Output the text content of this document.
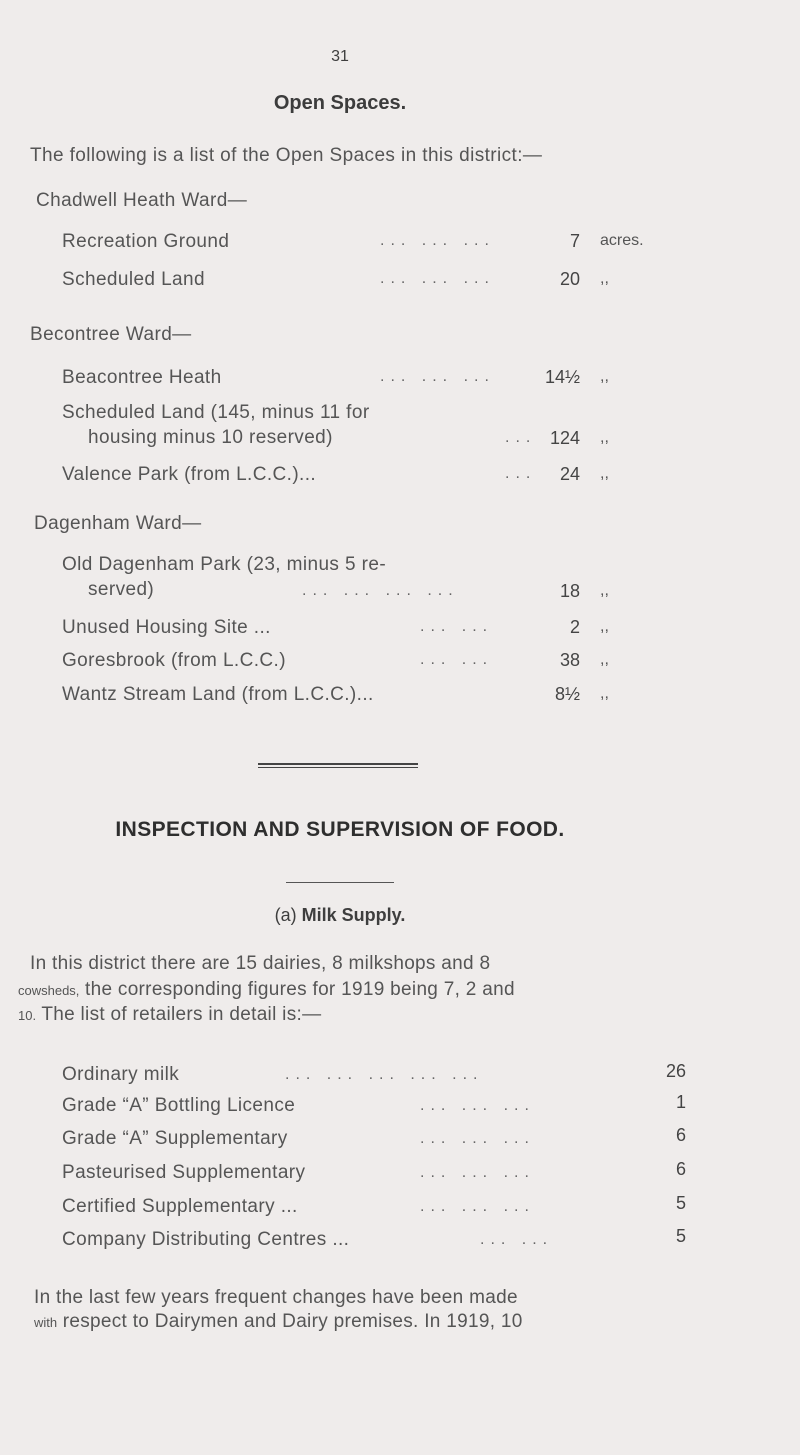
31
Open Spaces.
The following is a list of the Open Spaces in this district:—
Chadwell Heath Ward—
Recreation Ground	... ... ...	7 acres.
Scheduled Land	... ... ...	20 ,,
Becontree Ward—
Beacontree Heath	... ... ...	14½ ,,
Scheduled Land (145, minus 11 for
housing minus 10 reserved)	... 124 ,,
Valence Park (from L.C.C.)...	...	24 ,,
Dagenham Ward—
Old Dagenham Park (23, minus 5 re-
served)	... ... ... ...	18 ,,
Unused Housing Site ...	... ...	2 ,,
Goresbrook (from L.C.C.)	... ...	38 ,,
Wantz Stream Land (from L.C.C.)...	8½ ,,
INSPECTION AND SUPERVISION OF FOOD.
(a) Milk Supply.
In this district there are 15 dairies, 8 milkshops and 8
cowsheds, the corresponding figures for 1919 being 7, 2 and
10. The list of retailers in detail is:—
Ordinary milk	... ... ... ... ...	26
Grade “A” Bottling Licence	... ... ...	1
Grade “A” Supplementary	... ... ...	6
Pasteurised Supplementary	... ... ...	6
Certified Supplementary ...	... ... ...	5
Company Distributing Centres ...	... ...	5
In the last few years frequent changes have been made
with respect to Dairymen and Dairy premises. In 1919, 10
